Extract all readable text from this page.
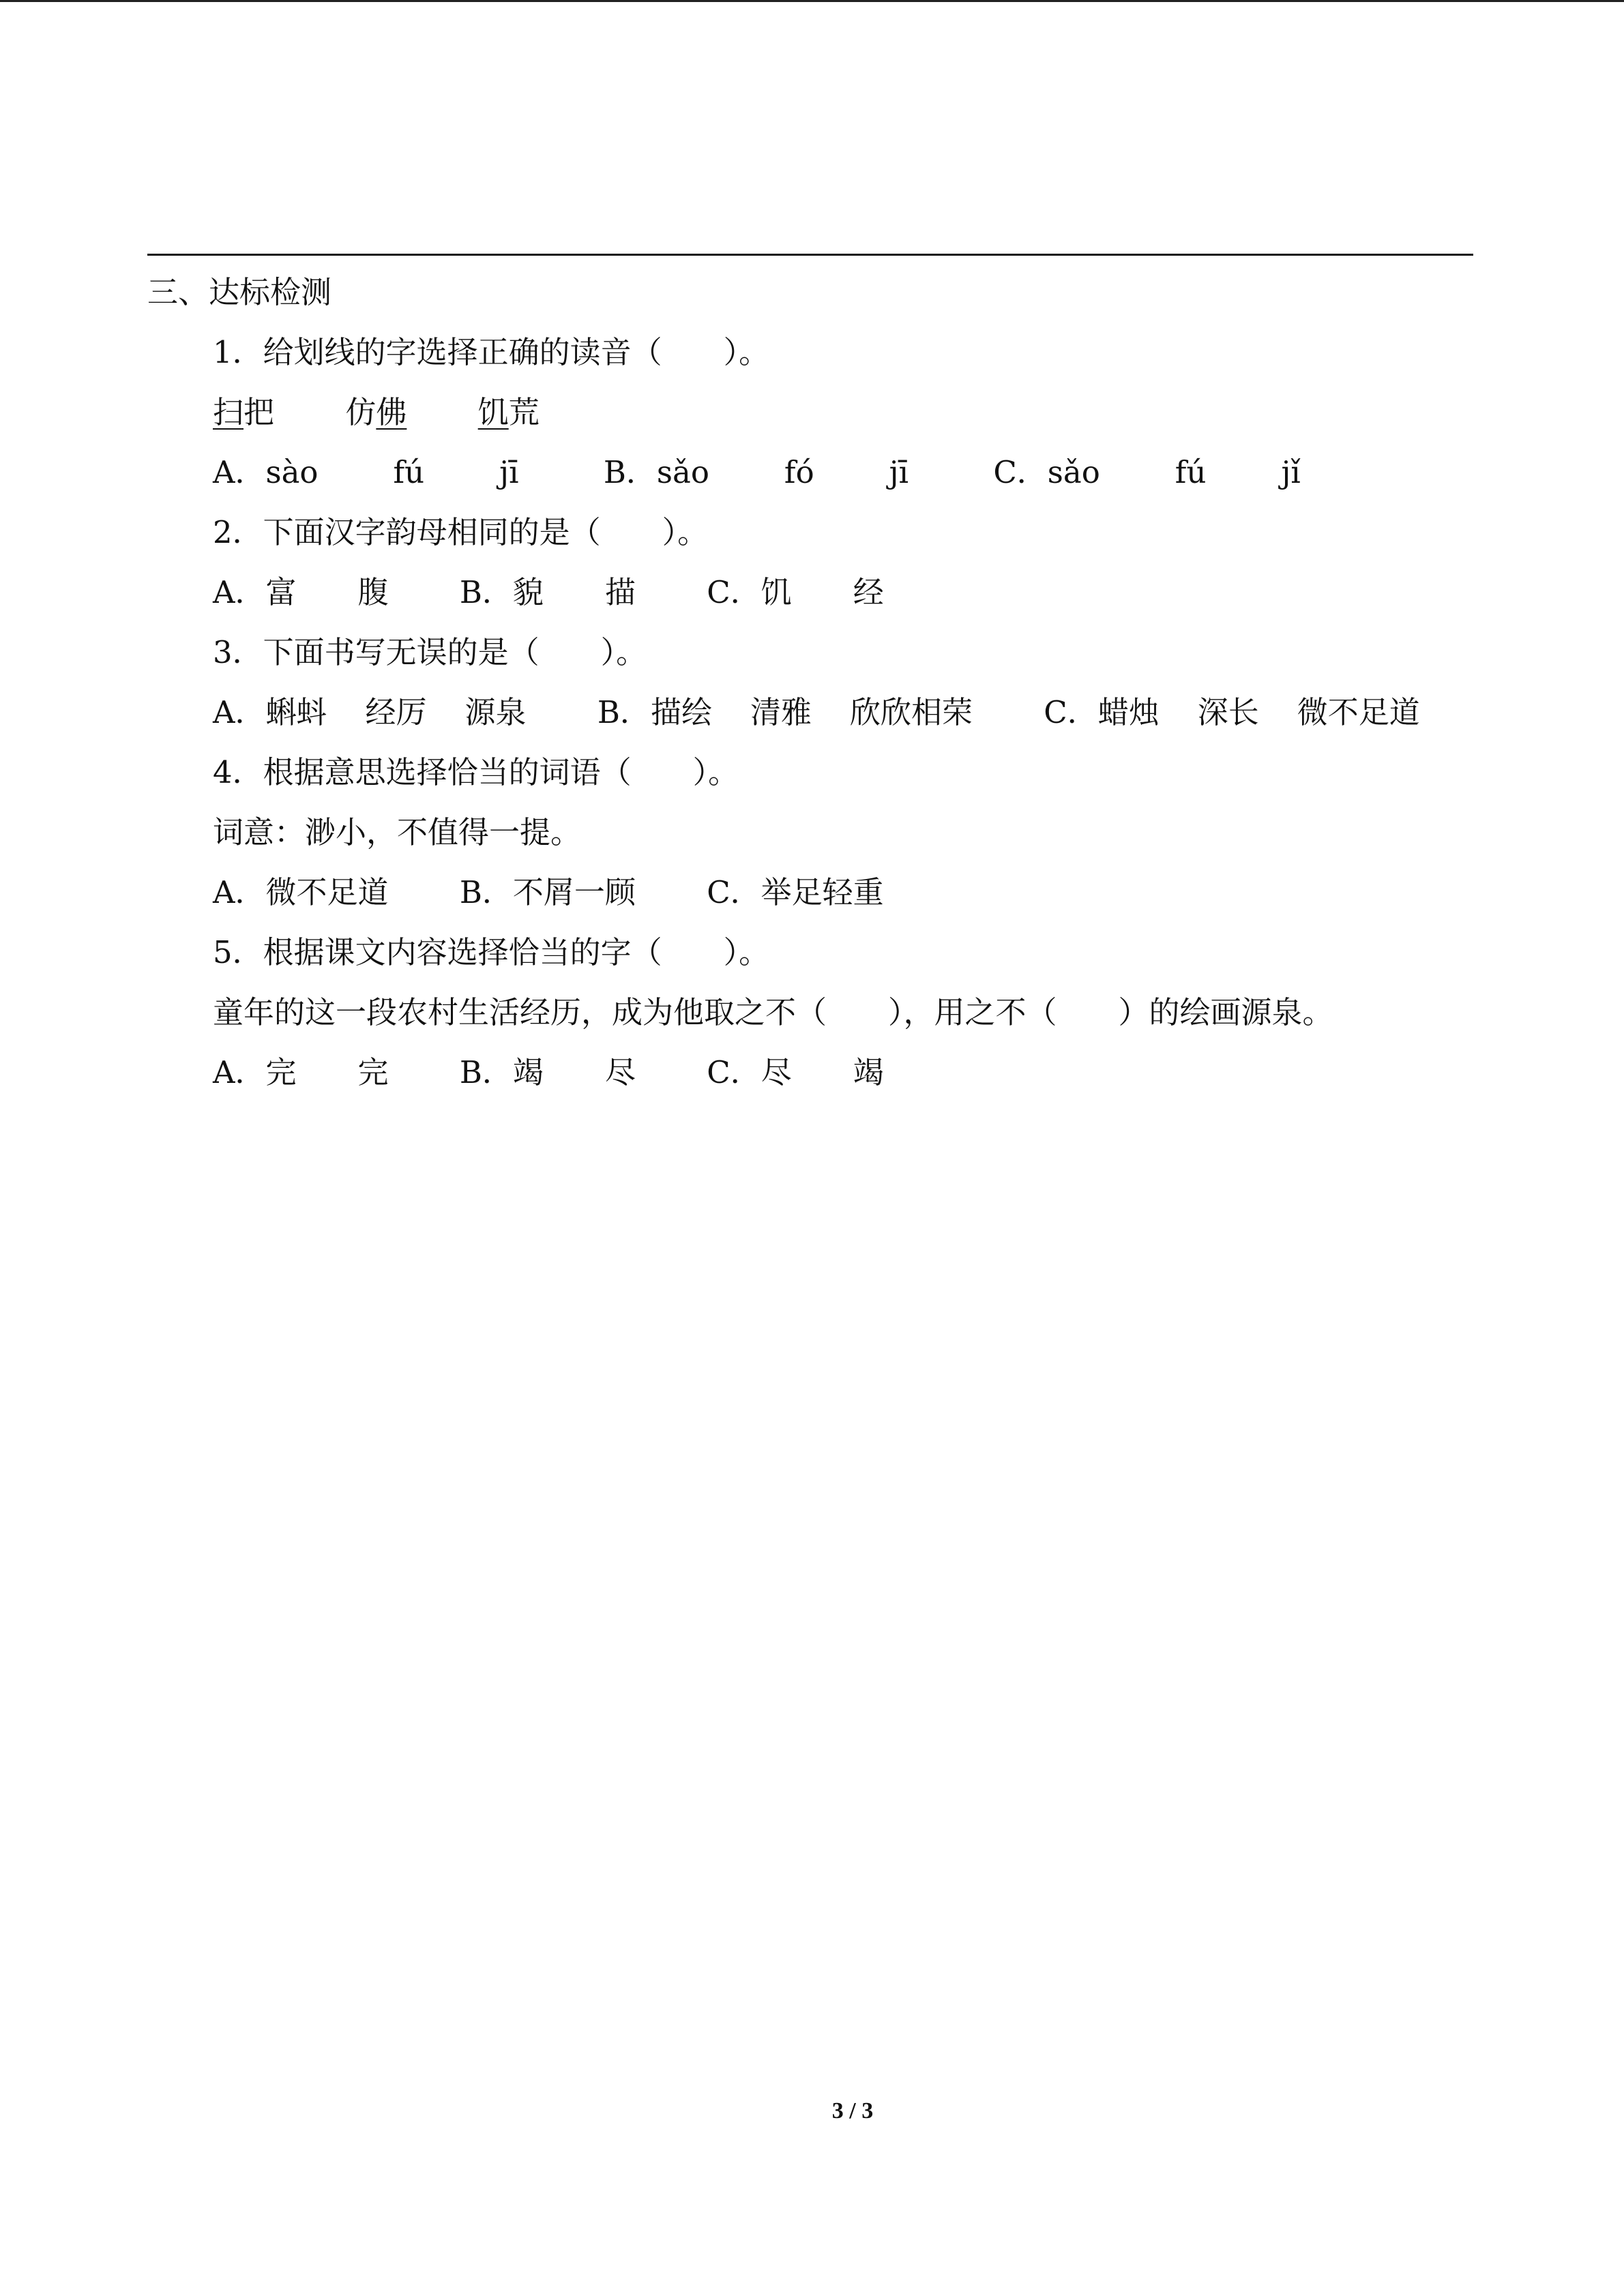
三、达标检测
1．给划线的字选择正确的读音（　　）。
扫把 仿佛 饥荒
A．sào fú jī	B．sǎo fó jī	C．sǎo fú jǐ
2．下面汉字韵母相同的是（　　）。
A．富 腹 B．貌 描 C．饥 经
3．下面书写无误的是（　　）。
A．蝌蚪 经厉 源泉 B．描绘 清雅 欣欣相荣 C．蜡烛 深长 微不足道
4．根据意思选择恰当的词语（　　）。
词意：渺小，不值得一提。
A．微不足道 B．不屑一顾 C．举足轻重
5．根据课文内容选择恰当的字（　　）。
童年的这一段农村生活经历，成为他取之不（　　），用之不（　　）的绘画源泉。
A．完 完 B．竭 尽 C．尽 竭
3 / 3
